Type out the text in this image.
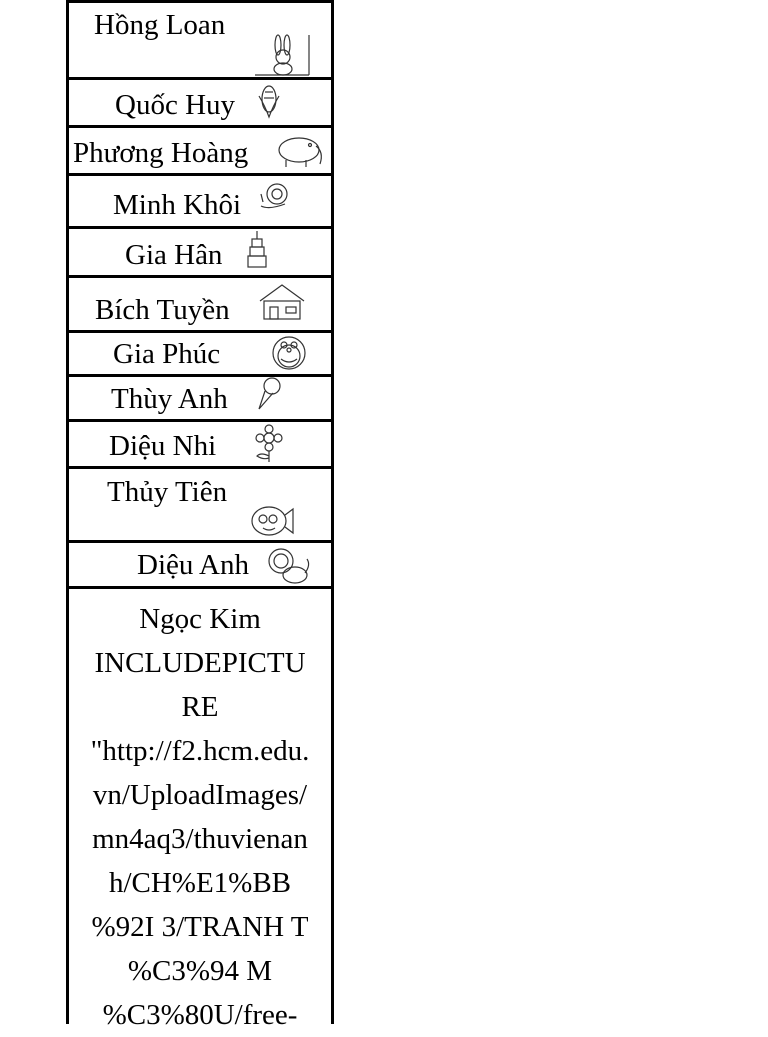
Hồng Loan
Quốc Huy
Phương Hoàng
Minh Khôi
Gia Hân
Bích Tuyền
Gia Phúc
Thùy Anh
Diệu Nhi
Thủy Tiên
Diệu Anh
Ngọc Kim
INCLUDEPICTU
RE
"http://f2.hcm.edu.
vn/UploadImages/
mn4aq3/thuvienan
h/CH%E1%BB
%92I 3/TRANH T
%C3%94 M
%C3%80U/free-
